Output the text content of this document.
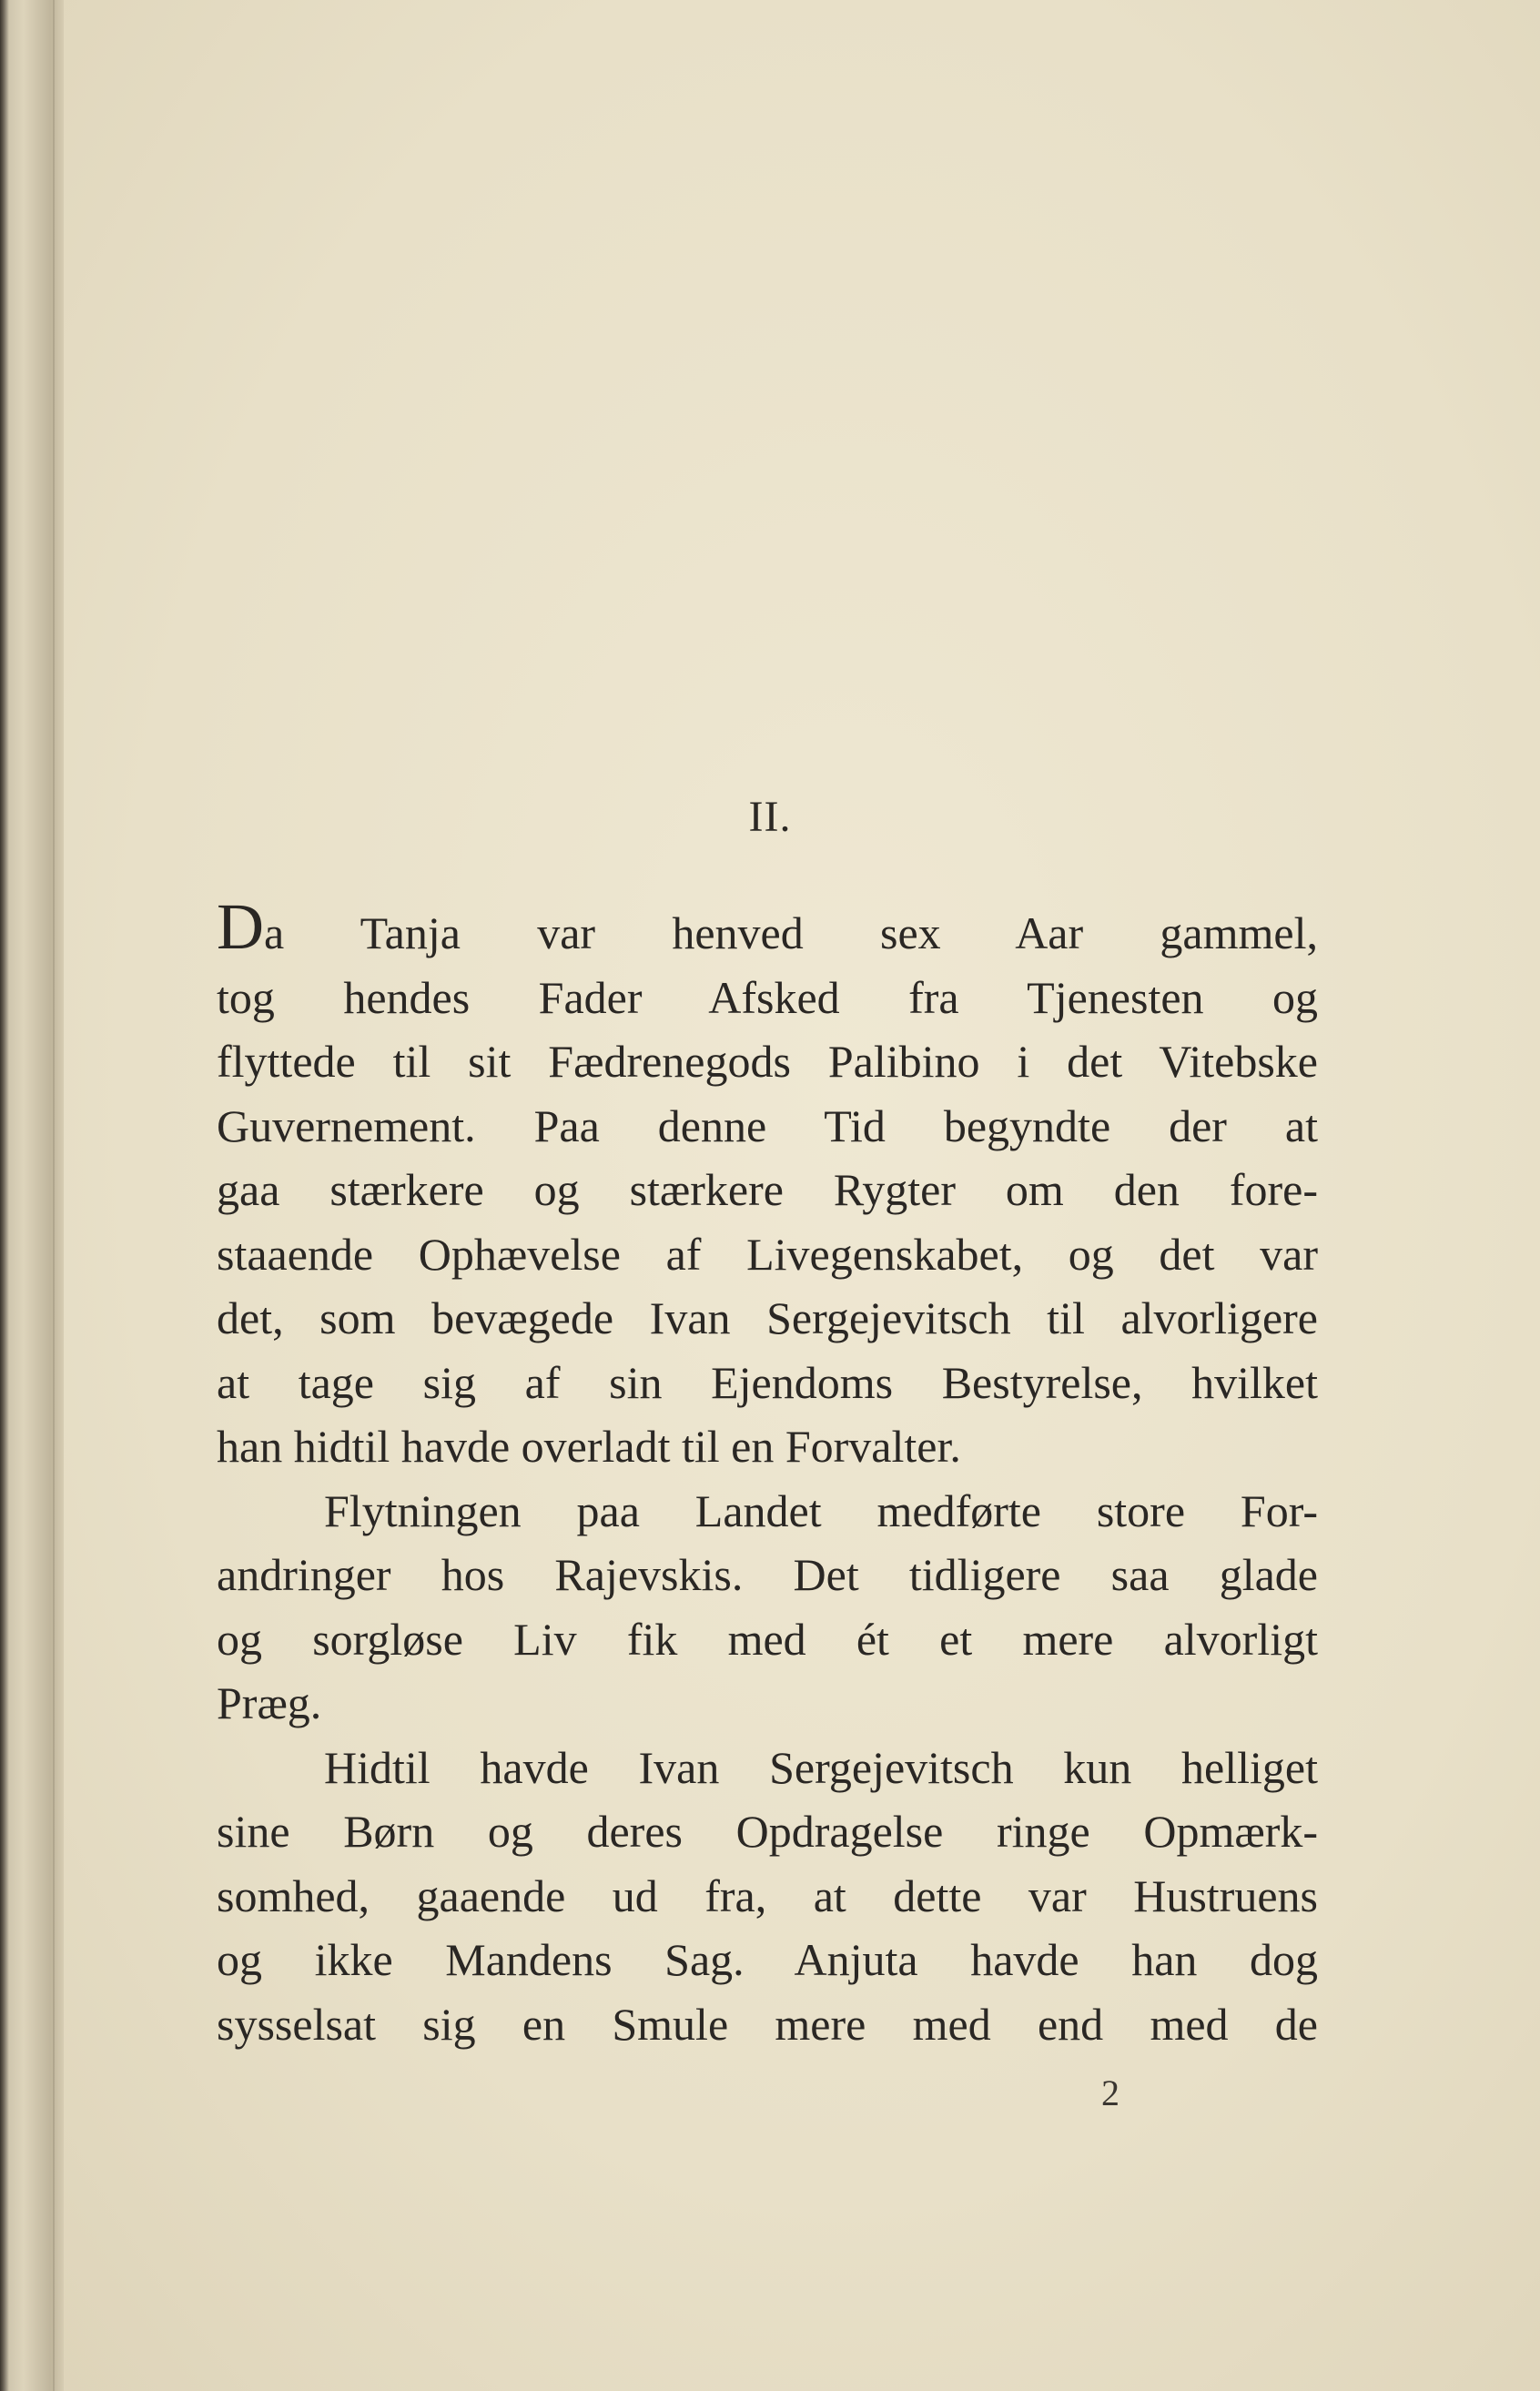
II.
Da Tanja var henved sex Aar gammel,
tog hendes Fader Afsked fra Tjenesten og
flyttede til sit Fædrenegods Palibino i det Vitebske
Guvernement. Paa denne Tid begyndte der at
gaa stærkere og stærkere Rygter om den fore-
staaende Ophævelse af Livegenskabet, og det var
det, som bevægede Ivan Sergejevitsch til alvorligere
at tage sig af sin Ejendoms Bestyrelse, hvilket
han hidtil havde overladt til en Forvalter.
Flytningen paa Landet medførte store For-
andringer hos Rajevskis. Det tidligere saa glade
og sorgløse Liv fik med ét et mere alvorligt
Præg.
Hidtil havde Ivan Sergejevitsch kun helliget
sine Børn og deres Opdragelse ringe Opmærk-
somhed, gaaende ud fra, at dette var Hustruens
og ikke Mandens Sag. Anjuta havde han dog
sysselsat sig en Smule mere med end med de
2
